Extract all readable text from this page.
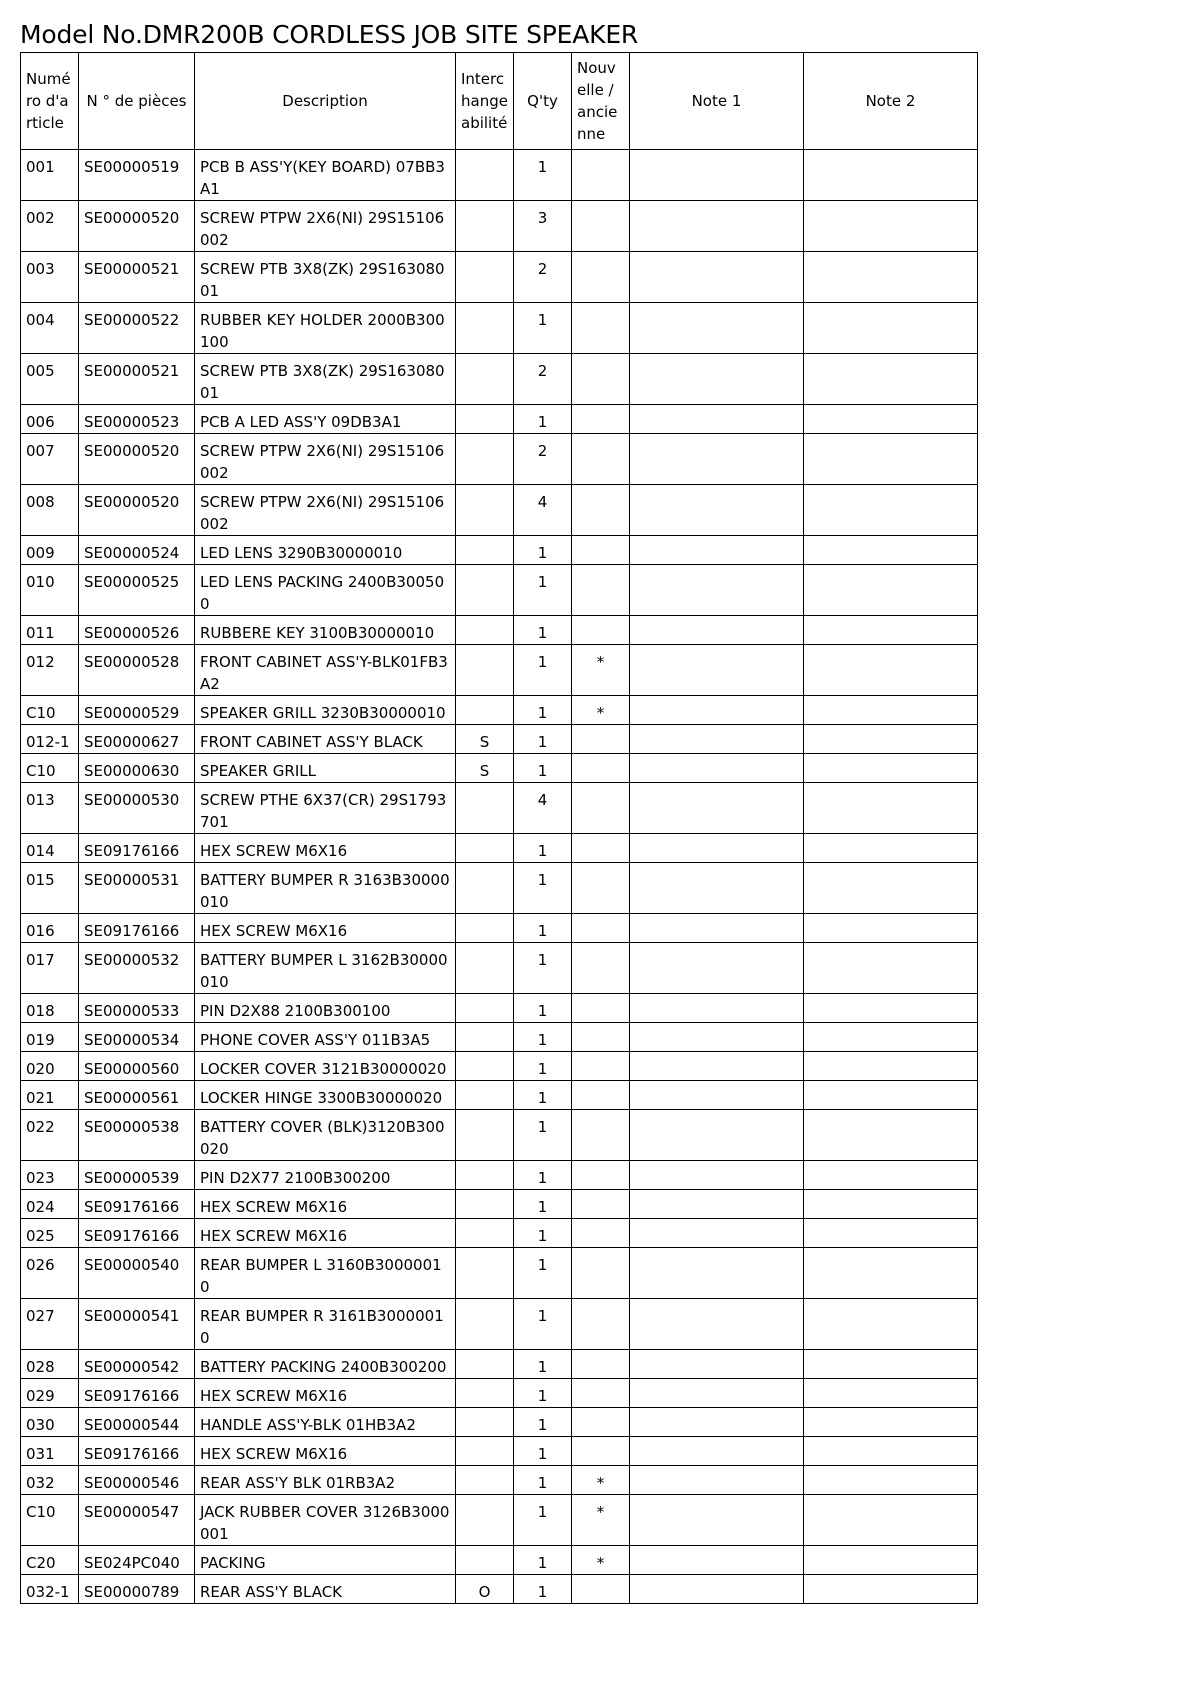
Model No.DMR200B CORDLESS JOB SITE SPEAKER
Numéro d'article	N ° de pièces	Description	Interchangeabilité	Q'ty	Nouvelle / ancienne	Note 1	Note 2
001	SE00000519	PCB B ASS'Y(KEY BOARD) 07BB3A1		1			
002	SE00000520	SCREW PTPW 2X6(NI) 29S15106002		3			
003	SE00000521	SCREW PTB 3X8(ZK) 29S16308001		2			
004	SE00000522	RUBBER KEY HOLDER 2000B300100		1			
005	SE00000521	SCREW PTB 3X8(ZK) 29S16308001		2			
006	SE00000523	PCB A LED ASS'Y 09DB3A1		1			
007	SE00000520	SCREW PTPW 2X6(NI) 29S15106002		2			
008	SE00000520	SCREW PTPW 2X6(NI) 29S15106002		4			
009	SE00000524	LED LENS 3290B30000010		1			
010	SE00000525	LED LENS PACKING 2400B300500		1			
011	SE00000526	RUBBERE KEY 3100B30000010		1			
012	SE00000528	FRONT CABINET ASS'Y-BLK01FB3A2		1	*		
C10	SE00000529	SPEAKER GRILL 3230B30000010		1	*		
012-1	SE00000627	FRONT CABINET ASS'Y BLACK	S	1			
C10	SE00000630	SPEAKER GRILL	S	1			
013	SE00000530	SCREW PTHE 6X37(CR) 29S1793701		4			
014	SE09176166	HEX SCREW M6X16		1			
015	SE00000531	BATTERY BUMPER R 3163B30000010		1			
016	SE09176166	HEX SCREW M6X16		1			
017	SE00000532	BATTERY BUMPER L 3162B30000010		1			
018	SE00000533	PIN D2X88 2100B300100		1			
019	SE00000534	PHONE COVER ASS'Y 011B3A5		1			
020	SE00000560	LOCKER COVER 3121B30000020		1			
021	SE00000561	LOCKER HINGE 3300B30000020		1			
022	SE00000538	BATTERY COVER (BLK)3120B300020		1			
023	SE00000539	PIN D2X77 2100B300200		1			
024	SE09176166	HEX SCREW M6X16		1			
025	SE09176166	HEX SCREW M6X16		1			
026	SE00000540	REAR BUMPER L 3160B30000010		1			
027	SE00000541	REAR BUMPER R 3161B30000010		1			
028	SE00000542	BATTERY PACKING 2400B300200		1			
029	SE09176166	HEX SCREW M6X16		1			
030	SE00000544	HANDLE ASS'Y-BLK 01HB3A2		1			
031	SE09176166	HEX SCREW M6X16		1			
032	SE00000546	REAR ASS'Y BLK 01RB3A2		1	*		
C10	SE00000547	JACK RUBBER COVER 3126B3000001		1	*		
C20	SE024PC040	PACKING		1	*		
032-1	SE00000789	REAR ASS'Y BLACK	O	1			
